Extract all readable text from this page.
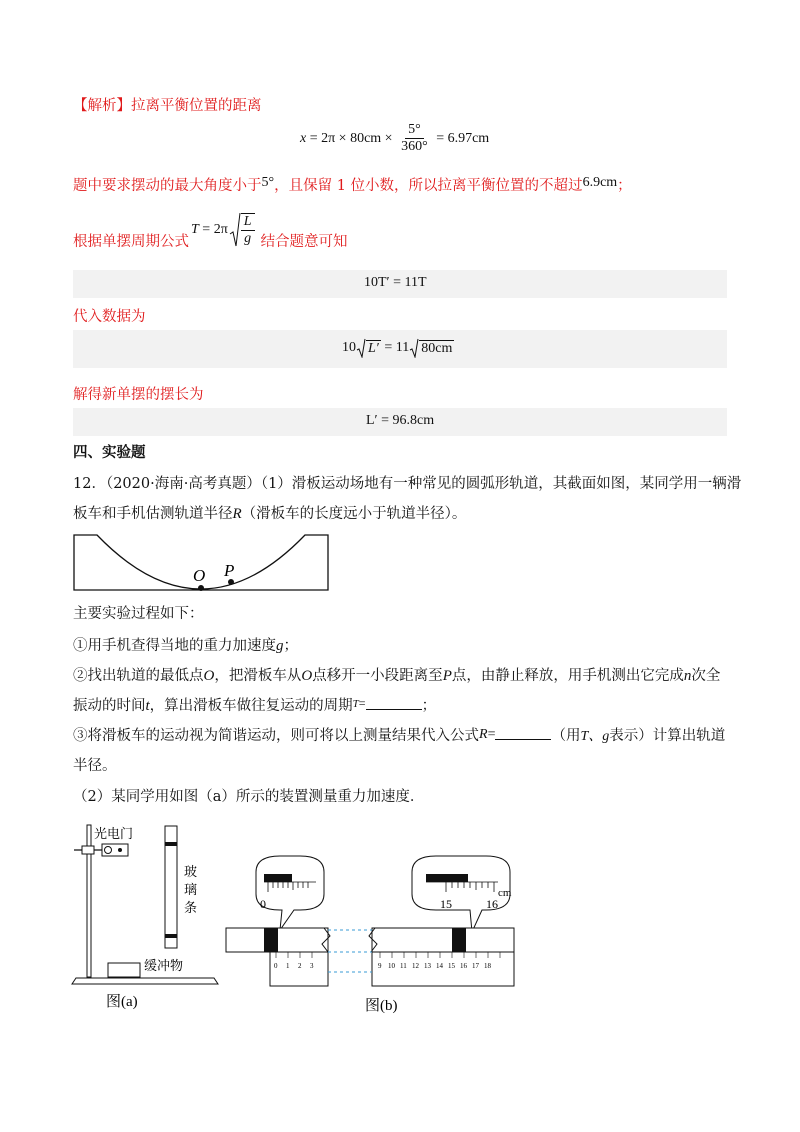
【解析】拉离平衡位置的距离
$x = 2\pi \times 80cm \times \frac{5^\circ}{360^\circ} = 6.97cm$
题中要求摆动的最大角度小于5°，且保留 1 位小数，所以拉离平衡位置的不超过6.9cm；
根据单摆周期公式
$T = 2\pi \frac{L}{g}$ 结合题意可知
10T′ = 11T
代入数据为
10 L′ = 11 80cm
解得新单摆的摆长为
L′ = 96.8cm
四、实验题
12．（2020·海南·高考真题）（1）滑板运动场地有一种常见的圆弧形轨道，其截面如图，某同学用一辆滑
板车和手机估测轨道半径R（滑板车的长度远小于轨道半径）。
O P
主要实验过程如下：
①用手机查得当地的重力加速度g；
②找出轨道的最低点O，把滑板车从O点移开一小段距离至P点，由静止释放，用手机测出它完成n次全
振动的时间t，算出滑板车做往复运动的周期$^{T=}$	；
③将滑板车的运动视为简谐运动，则可将以上测量结果代入公式R=	（用T、g表示）计算出轨道
半径。
（2）某同学用如图（a）所示的装置测量重力加速度．
光电门
玻
璃
条
缓冲物
图(a)
0	15	16
cm
0 1 2 3	9 10 11 12 13 14 15 16 17 18
图(b)
